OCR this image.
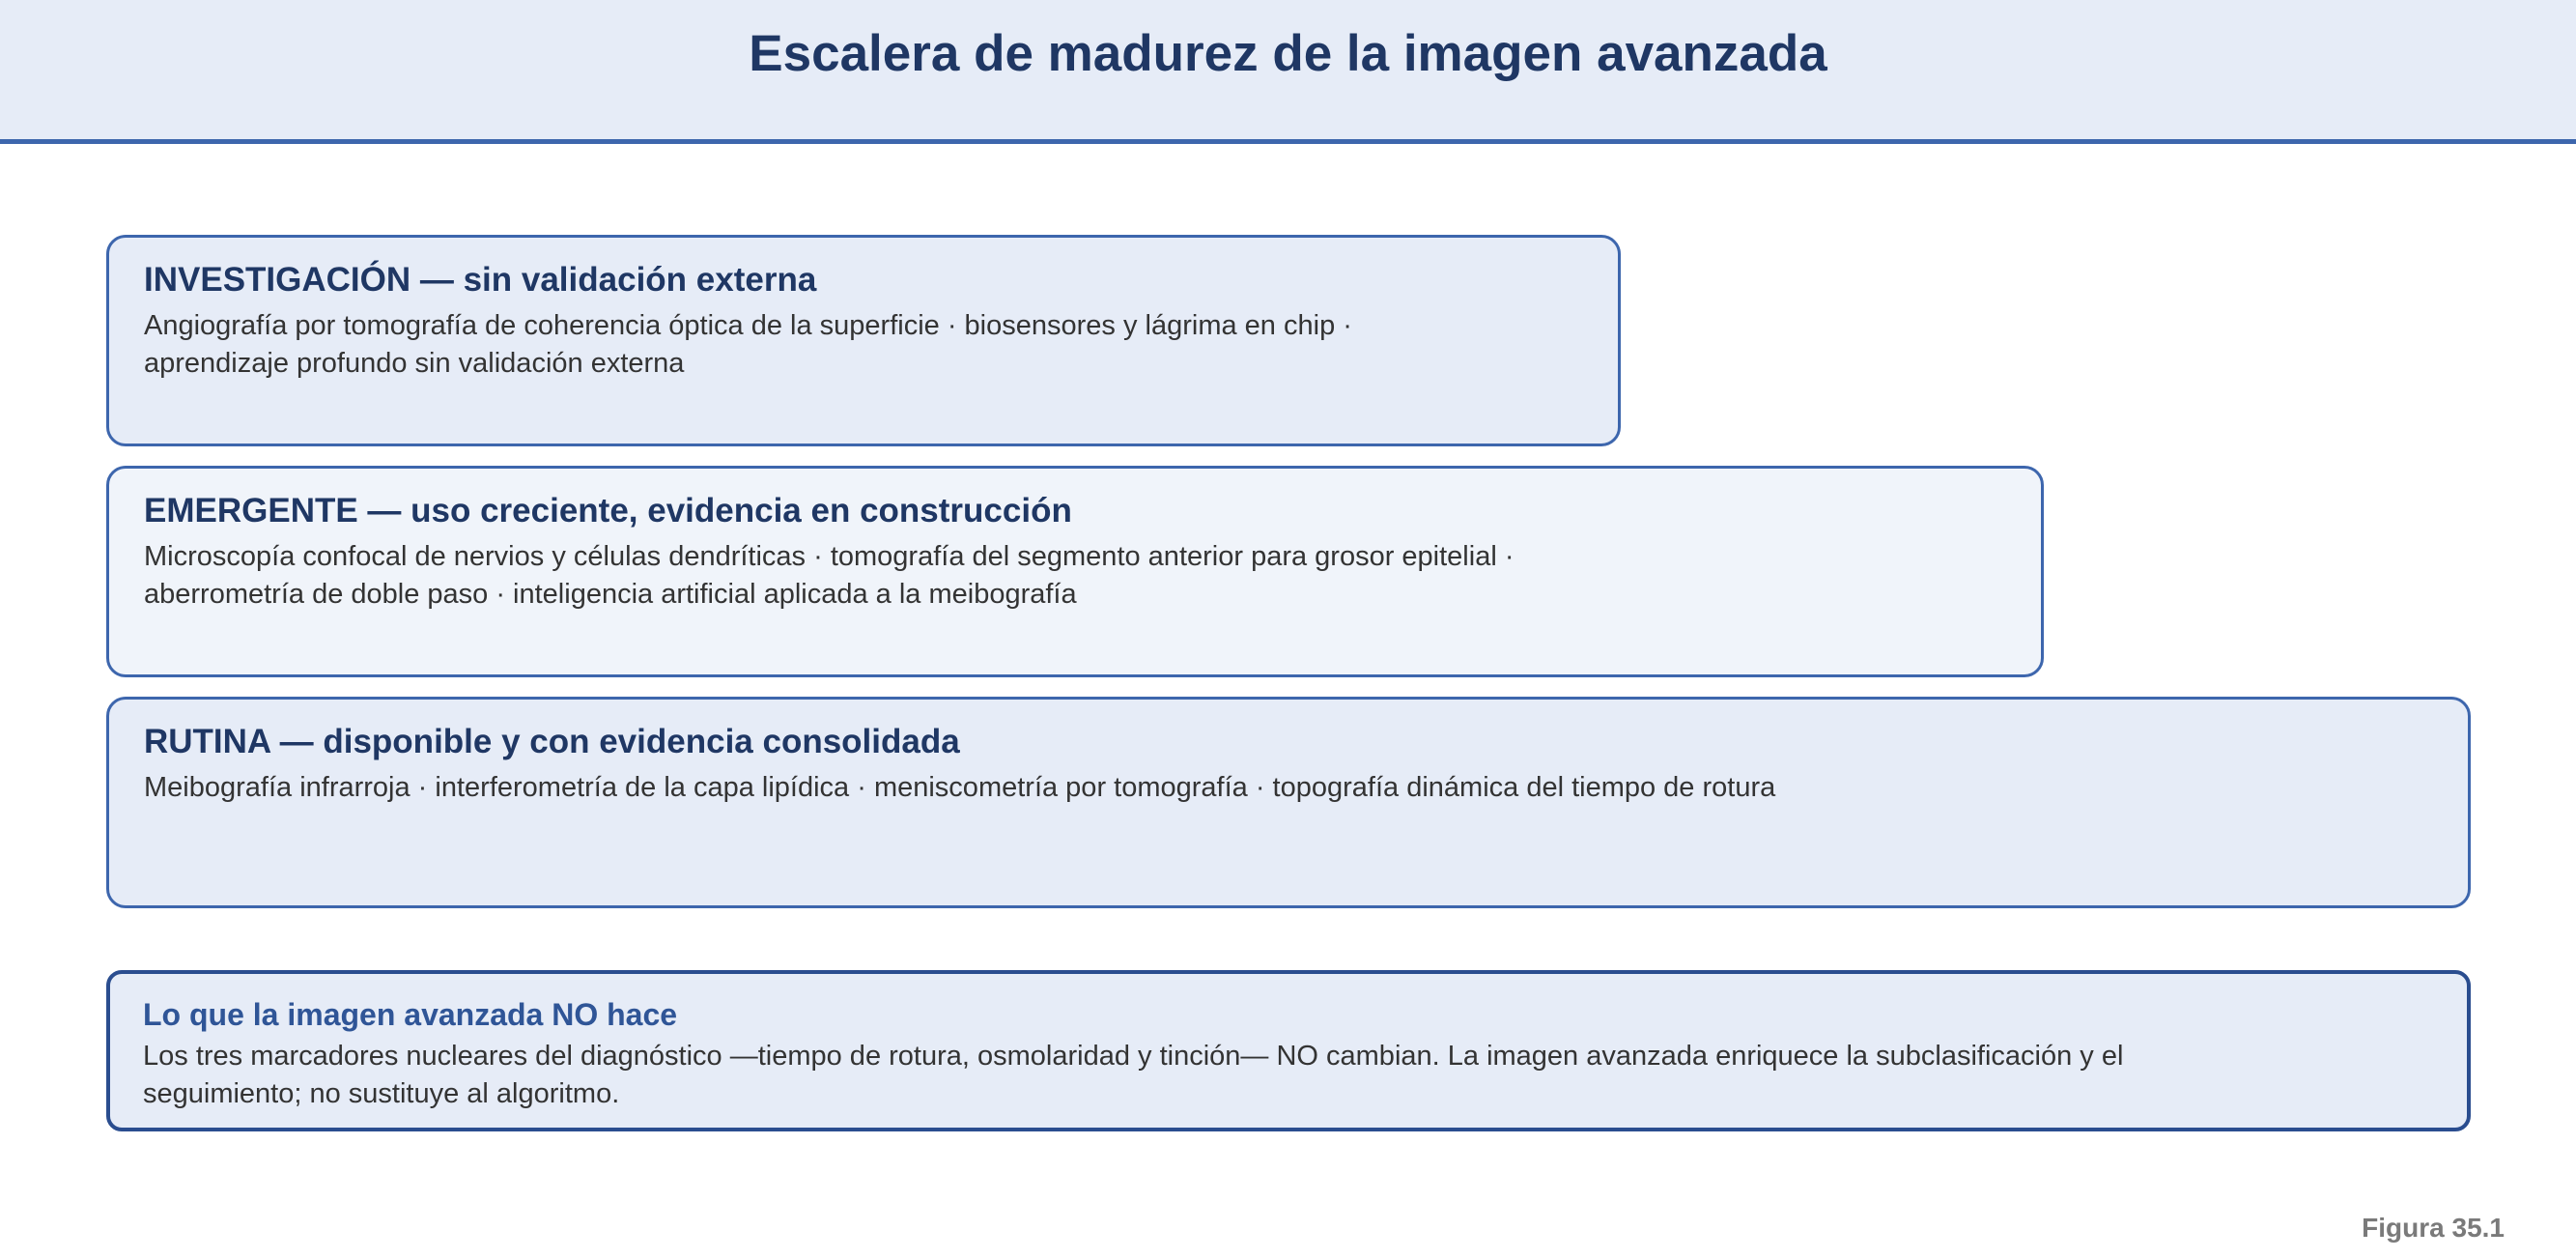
Escalera de madurez de la imagen avanzada
INVESTIGACIÓN — sin validación externa
Angiografía por tomografía de coherencia óptica de la superficie · biosensores y lágrima en chip · aprendizaje profundo sin validación externa
EMERGENTE — uso creciente, evidencia en construcción
Microscopía confocal de nervios y células dendríticas · tomografía del segmento anterior para grosor epitelial · aberrometría de doble paso · inteligencia artificial aplicada a la meibografía
RUTINA — disponible y con evidencia consolidada
Meibografía infrarroja · interferometría de la capa lipídica · meniscometría por tomografía · topografía dinámica del tiempo de rotura
Lo que la imagen avanzada NO hace
Los tres marcadores nucleares del diagnóstico —tiempo de rotura, osmolaridad y tinción— NO cambian. La imagen avanzada enriquece la subclasificación y el seguimiento; no sustituye al algoritmo.
Figura 35.1
